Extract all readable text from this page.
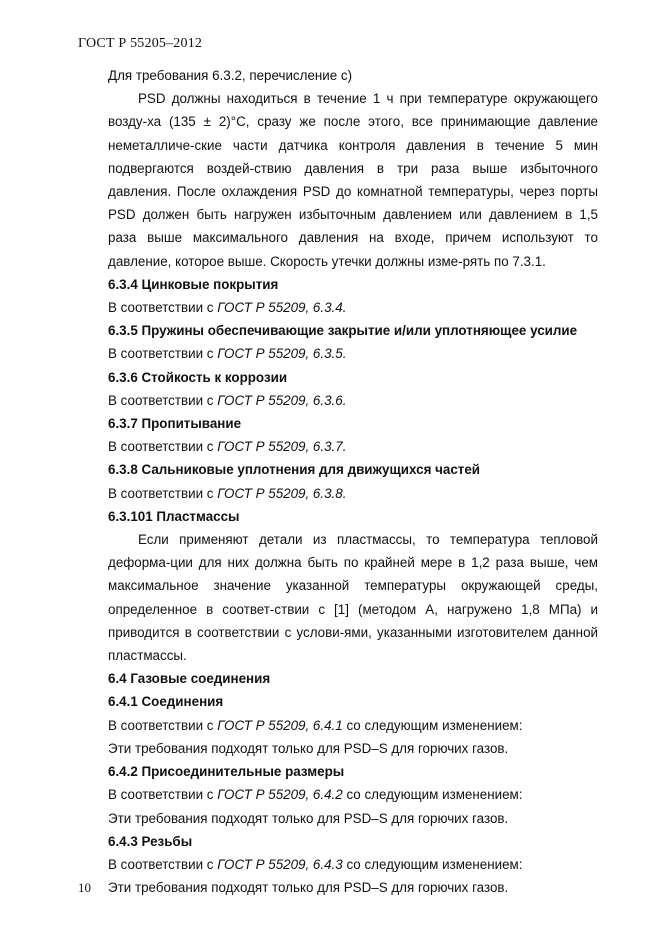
ГОСТ Р 55205–2012

Для требования 6.3.2, перечисление с)

PSD должны находиться в течение 1 ч при температуре окружающего возду-ха (135 ± 2)°С, сразу же после этого, все принимающие давление неметалличе-ские части датчика контроля давления в течение 5 мин подвергаются воздей-ствию давления в три раза выше избыточного давления. После охлаждения PSD до комнатной температуры, через порты PSD должен быть нагружен избыточным давлением или давлением в 1,5 раза выше максимального давления на входе, причем используют то давление, которое выше. Скорость утечки должны изме-рять по 7.3.1.

6.3.4 Цинковые покрытия

В соответствии с ГОСТ Р 55209, 6.3.4.

6.3.5 Пружины обеспечивающие закрытие и/или уплотняющее усилие

В соответствии с ГОСТ Р 55209, 6.3.5.

6.3.6 Стойкость к коррозии

В соответствии с ГОСТ Р 55209, 6.3.6.

6.3.7 Пропитывание

В соответствии с ГОСТ Р 55209, 6.3.7.

6.3.8 Сальниковые уплотнения для движущихся частей

В соответствии с ГОСТ Р 55209, 6.3.8.

6.3.101 Пластмассы

Если применяют детали из пластмассы, то температура тепловой деформа-ции для них должна быть по крайней мере в 1,2 раза выше, чем максимальное значение указанной температуры окружающей среды, определенное в соответ-ствии с [1] (методом А, нагружено 1,8 МПа) и приводится в соответствии с услови-ями, указанными изготовителем данной пластмассы.

6.4 Газовые соединения
6.4.1 Соединения

В соответствии с ГОСТ Р 55209, 6.4.1 со следующим изменением:

Эти требования подходят только для PSD–S для горючих газов.

6.4.2 Присоединительные размеры

В соответствии с ГОСТ Р 55209, 6.4.2 со следующим изменением:

Эти требования подходят только для PSD–S для горючих газов.

6.4.3 Резьбы

В соответствии с ГОСТ Р 55209, 6.4.3 со следующим изменением:

Эти требования подходят только для PSD–S для горючих газов.

10
